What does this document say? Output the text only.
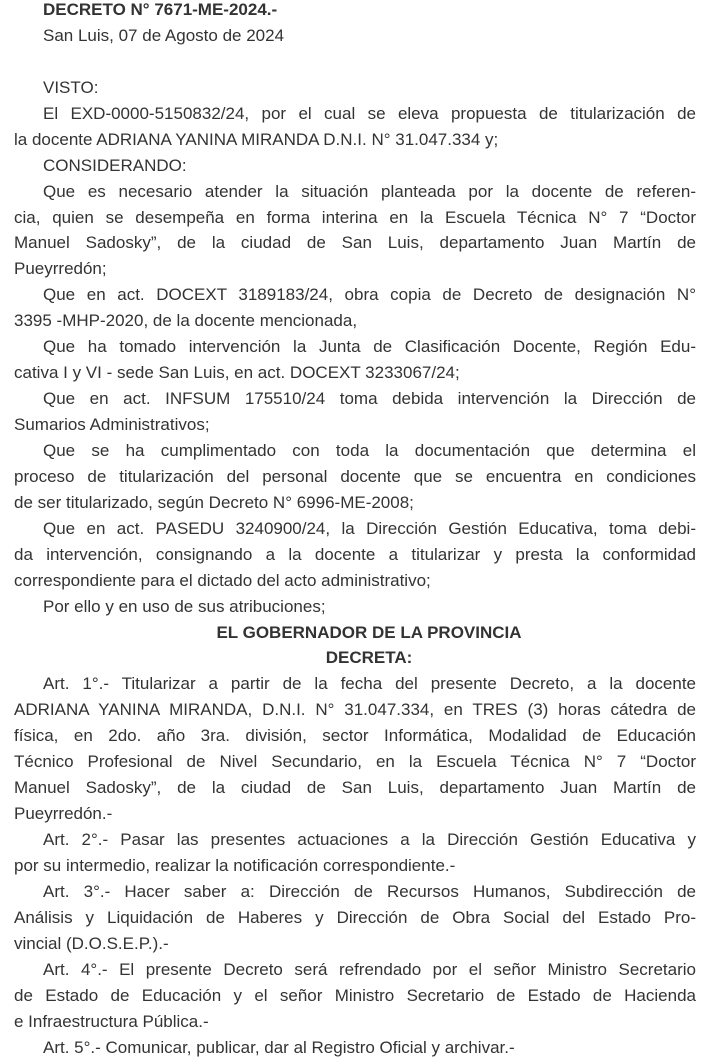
DECRETO N° 7671-ME-2024.-
San Luis, 07 de Agosto de 2024
VISTO:
El EXD-0000-5150832/24, por el cual se eleva propuesta de titularización de
la docente ADRIANA YANINA MIRANDA D.N.I. N° 31.047.334 y;
CONSIDERANDO:
Que es necesario atender la situación planteada por la docente de referen-
cia, quien se desempeña en forma interina en la Escuela Técnica N° 7 “Doctor
Manuel Sadosky”, de la ciudad de San Luis, departamento Juan Martín de
Pueyrredón;
Que en act. DOCEXT 3189183/24, obra copia de Decreto de designación N°
3395 -MHP-2020, de la docente mencionada,
Que ha tomado intervención la Junta de Clasificación Docente, Región Edu-
cativa I y VI - sede San Luis, en act. DOCEXT 3233067/24;
Que en act. INFSUM 175510/24 toma debida intervención la Dirección de
Sumarios Administrativos;
Que se ha cumplimentado con toda la documentación que determina el
proceso de titularización del personal docente que se encuentra en condiciones
de ser titularizado, según Decreto N° 6996-ME-2008;
Que en act. PASEDU 3240900/24, la Dirección Gestión Educativa, toma debi-
da intervención, consignando a la docente a titularizar y presta la conformidad
correspondiente para el dictado del acto administrativo;
Por ello y en uso de sus atribuciones;
EL GOBERNADOR DE LA PROVINCIA
DECRETA:
Art. 1°.- Titularizar a partir de la fecha del presente Decreto, a la docente
ADRIANA YANINA MIRANDA, D.N.I. N° 31.047.334, en TRES (3) horas cátedra de
física, en 2do. año 3ra. división, sector Informática, Modalidad de Educación
Técnico Profesional de Nivel Secundario, en la Escuela Técnica N° 7 “Doctor
Manuel Sadosky”, de la ciudad de San Luis, departamento Juan Martín de
Pueyrredón.-
Art. 2°.- Pasar las presentes actuaciones a la Dirección Gestión Educativa y
por su intermedio, realizar la notificación correspondiente.-
Art. 3°.- Hacer saber a: Dirección de Recursos Humanos, Subdirección de
Análisis y Liquidación de Haberes y Dirección de Obra Social del Estado Pro-
vincial (D.O.S.E.P.).-
Art. 4°.- El presente Decreto será refrendado por el señor Ministro Secretario
de Estado de Educación y el señor Ministro Secretario de Estado de Hacienda
e Infraestructura Pública.-
Art. 5°.- Comunicar, publicar, dar al Registro Oficial y archivar.-
